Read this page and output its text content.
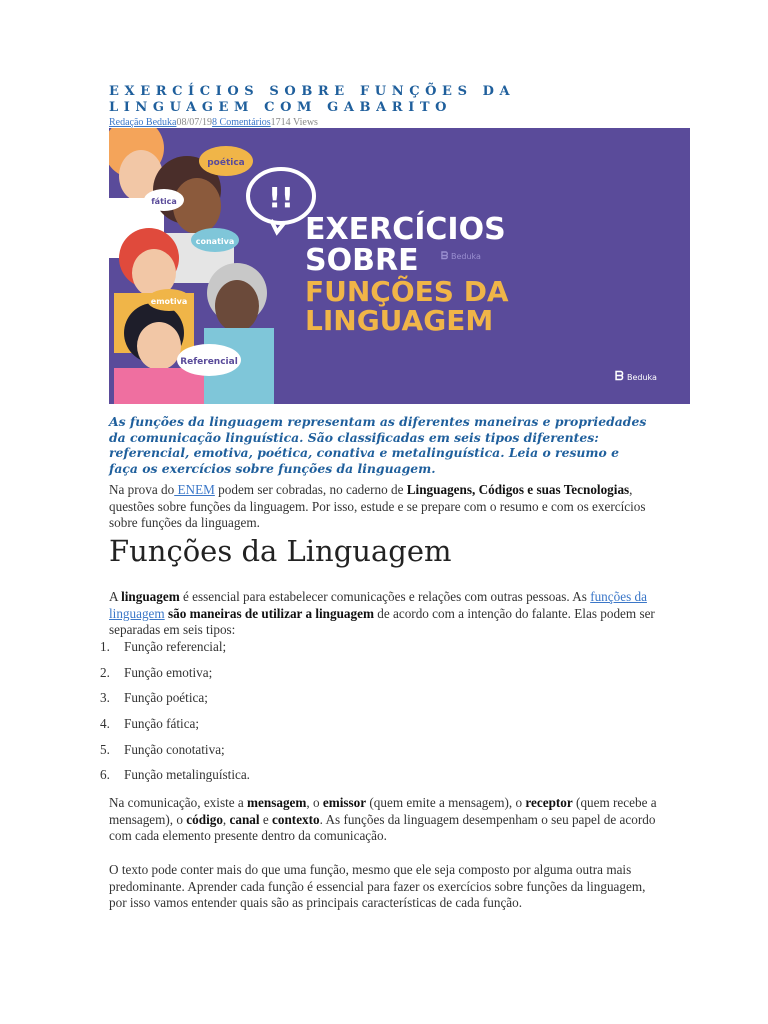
EXERCÍCIOS SOBRE FUNÇÕES DA LINGUAGEM COM GABARITO
Redação Beduka08/07/198 Comentários1714 Views
poética
fática
conativa
emotiva
Referencial
!!
EXERCÍCIOS
SOBRE
FUNÇÕES DA
LINGUAGEM
ᗷ Beduka
ᗷ Beduka
As funções da linguagem representam as diferentes maneiras e propriedades da comunicação linguística. São classificadas em seis tipos diferentes: referencial, emotiva, poética, conativa e metalinguística. Leia o resumo e faça os exercícios sobre funções da linguagem.
Na prova do ENEM podem ser cobradas, no caderno de Linguagens, Códigos e suas Tecnologias, questões sobre funções da linguagem. Por isso, estude e se prepare com o resumo e com os exercícios sobre funções da linguagem.
Funções da Linguagem
A linguagem é essencial para estabelecer comunicações e relações com outras pessoas. As funções da linguagem são maneiras de utilizar a linguagem de acordo com a intenção do falante. Elas podem ser separadas em seis tipos:
1. Função referencial;
2. Função emotiva;
3. Função poética;
4. Função fática;
5. Função conotativa;
6. Função metalinguística.
Na comunicação, existe a mensagem, o emissor (quem emite a mensagem), o receptor (quem recebe a mensagem), o código, canal e contexto. As funções da linguagem desempenham o seu papel de acordo com cada elemento presente dentro da comunicação.
O texto pode conter mais do que uma função, mesmo que ele seja composto por alguma outra mais predominante. Aprender cada função é essencial para fazer os exercícios sobre funções da linguagem, por isso vamos entender quais são as principais características de cada função.
